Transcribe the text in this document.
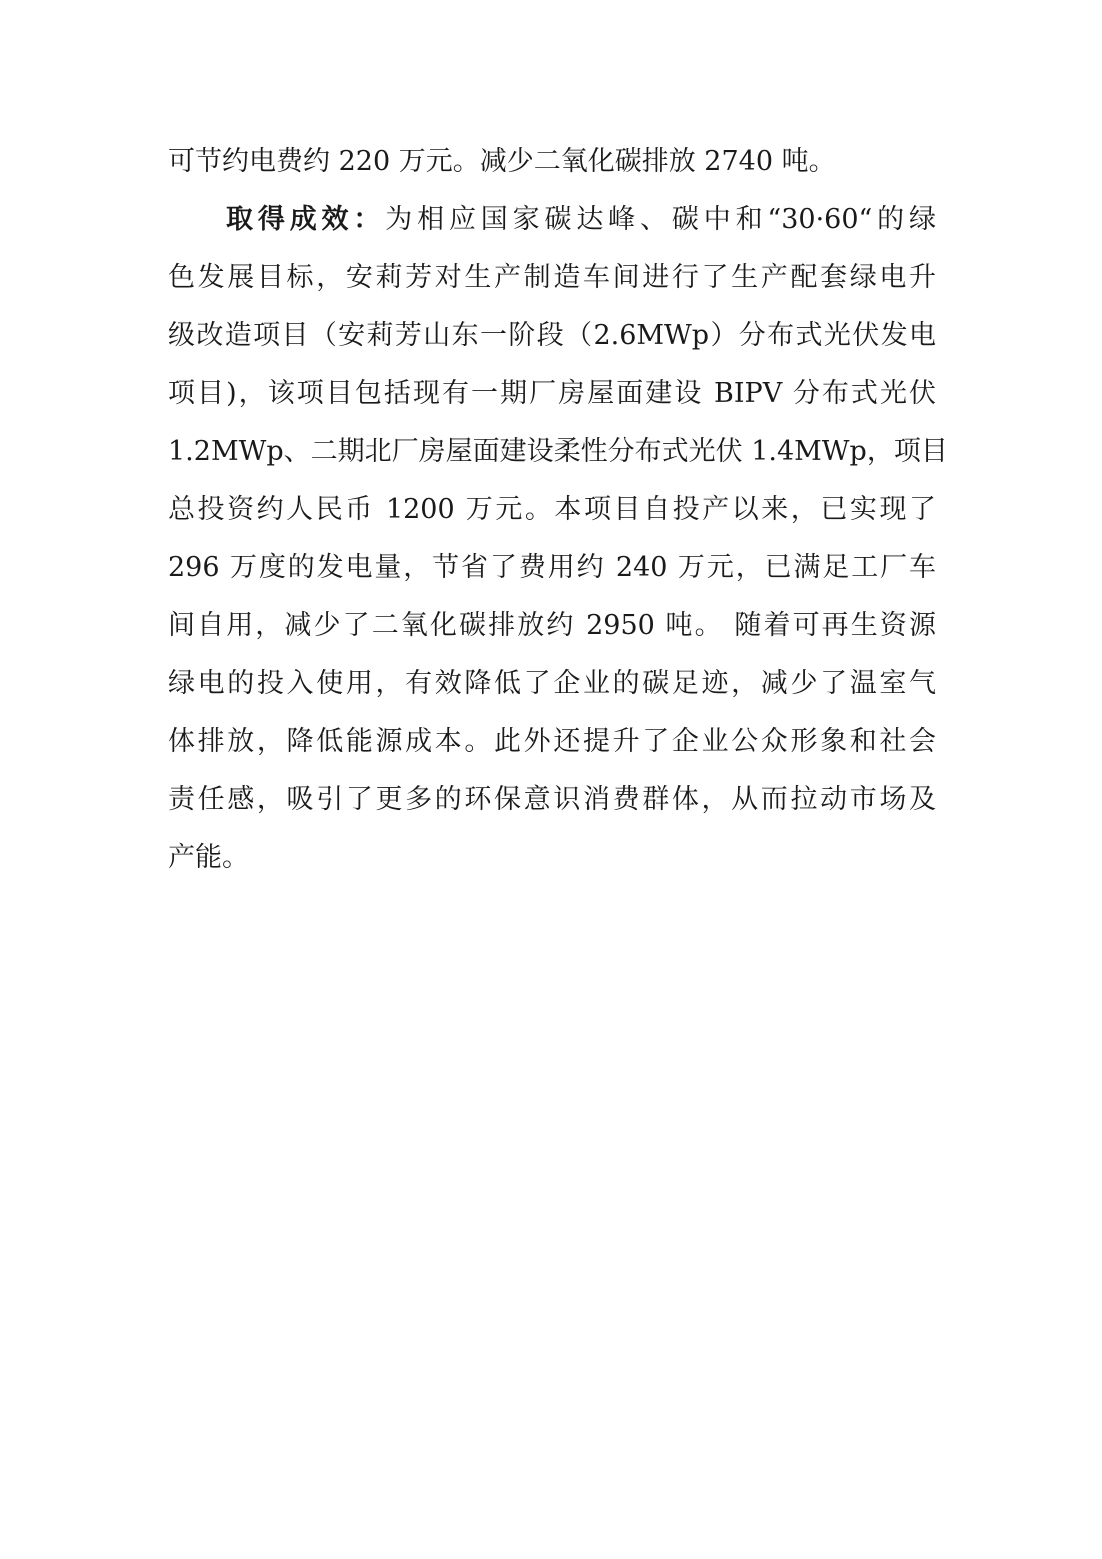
可节约电费约 220 万元。减少二氧化碳排放 2740 吨。
取得成效：为相应国家碳达峰、碳中和“30·60“的绿
色发展目标，安莉芳对生产制造车间进行了生产配套绿电升
级改造项目（安莉芳山东一阶段（2.6MWp）分布式光伏发电
项目)，该项目包括现有一期厂房屋面建设 BIPV 分布式光伏
1.2MWp、二期北厂房屋面建设柔性分布式光伏 1.4MWp，项目
总投资约人民币 1200 万元。本项目自投产以来，已实现了
296 万度的发电量，节省了费用约 240 万元，已满足工厂车
间自用，减少了二氧化碳排放约 2950 吨。 随着可再生资源
绿电的投入使用，有效降低了企业的碳足迹，减少了温室气
体排放，降低能源成本。此外还提升了企业公众形象和社会
责任感，吸引了更多的环保意识消费群体，从而拉动市场及
产能。
